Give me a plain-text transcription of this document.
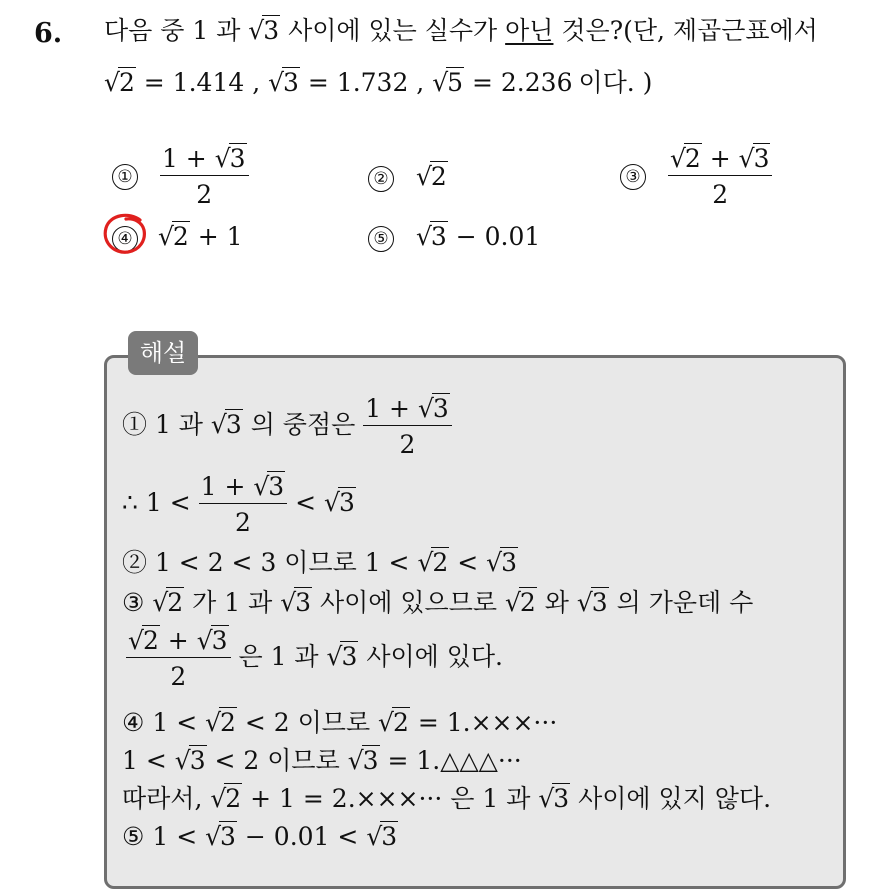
6. 다음 중 1 과 √3 사이에 있는 실수가 아닌 것은?(단, 제곱근표에서
√2 = 1.414 , √3 = 1.732 , √5 = 2.236 이다. )
① $\frac{1 + √3}{2}$	② √2	③ $\frac{√2 + √3}{2}$
④ √2 + 1	⑤ √3 − 0.01
해설
① 1 과 √3 의 중점은 $\frac{1 + √3}{2}$
∴ $1 < \frac{1 + √3}{2} < √3$
② 1 < 2 < 3 이므로 1 < √2 < √3
③ √2 가 1 과 √3 사이에 있으므로 √2 와 √3 의 가운데 수
$\frac{√2 + √3}{2}$ 은 1 과 √3 사이에 있다.
④ 1 < √2 < 2 이므로 √2 = 1.×××···
1 < √3 < 2 이므로 √3 = 1.△△△···
따라서, √2 + 1 = 2.×××··· 은 1 과 √3 사이에 있지 않다.
⑤ 1 < √3 − 0.01 < √3
